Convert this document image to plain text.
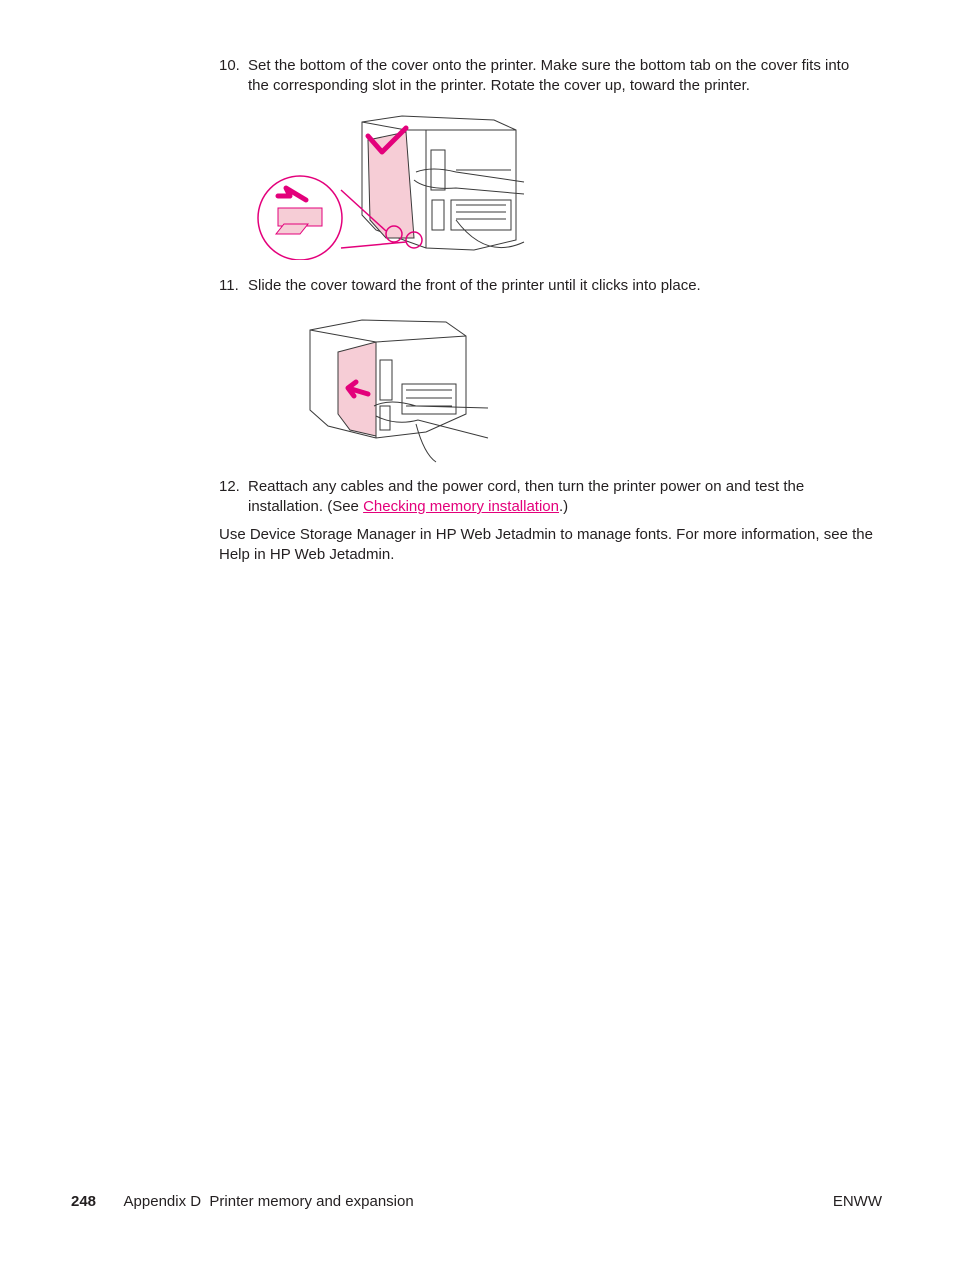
10. Set the bottom of the cover onto the printer. Make sure the bottom tab on the cover fits into the corresponding slot in the printer. Rotate the cover up, toward the printer.
11. Slide the cover toward the front of the printer until it clicks into place.
12. Reattach any cables and the power cord, then turn the printer power on and test the installation. (See Checking memory installation.)
Use Device Storage Manager in HP Web Jetadmin to manage fonts. For more information, see the Help in HP Web Jetadmin.
248 Appendix D  Printer memory and expansion	ENWW
